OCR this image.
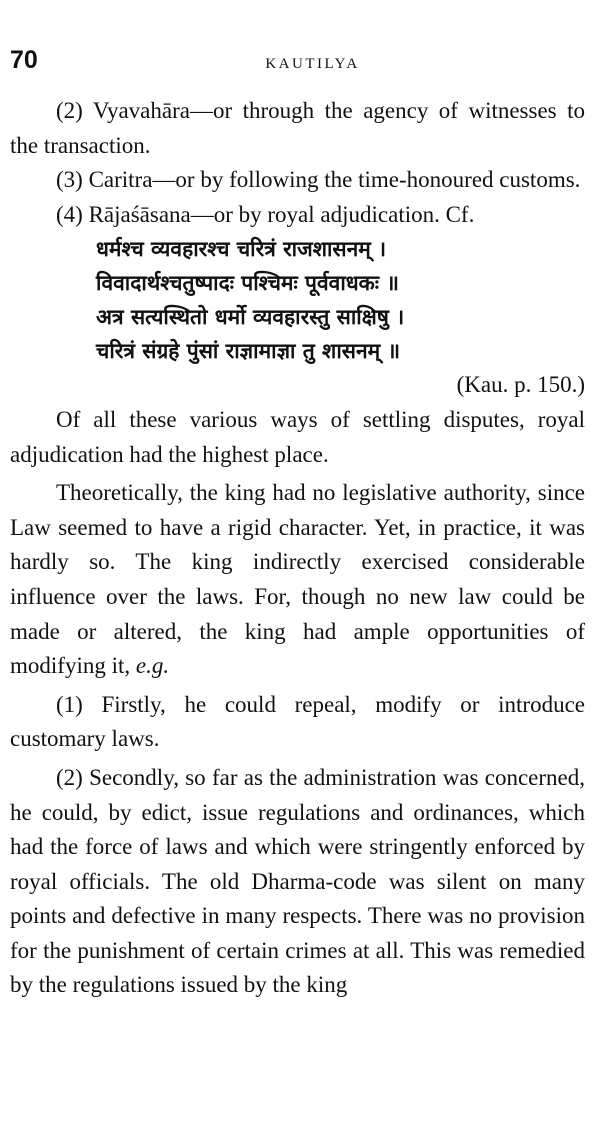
70	KAUTILYA

(2) Vyavahāra—or through the agency of witnesses to the transaction.

(3) Caritra—or by following the time-honoured customs.

(4) Rājaśāsana—or by royal adjudication. Cf.

धर्मश्च व्यवहारश्च चरित्रं राजशासनम् ।
विवादार्थश्चतुष्पादः पश्चिमः पूर्ववाधकः ॥
अत्र सत्यस्थितो धर्मो व्यवहारस्तु साक्षिषु ।
चरित्रं संग्रहे पुंसां राज्ञामाज्ञा तु शासनम् ॥

(Kau. p. 150.)

Of all these various ways of settling disputes, royal adjudication had the highest place.

Theoretically, the king had no legislative authority, since Law seemed to have a rigid character. Yet, in practice, it was hardly so. The king indirectly exercised considerable influence over the laws. For, though no new law could be made or altered, the king had ample opportunities of modifying it, e.g.

(1) Firstly, he could repeal, modify or introduce customary laws.

(2) Secondly, so far as the administration was concerned, he could, by edict, issue regulations and ordinances, which had the force of laws and which were stringently enforced by royal officials. The old Dharma-code was silent on many points and defective in many respects. There was no provision for the punishment of certain crimes at all. This was remedied by the regulations issued by the king
